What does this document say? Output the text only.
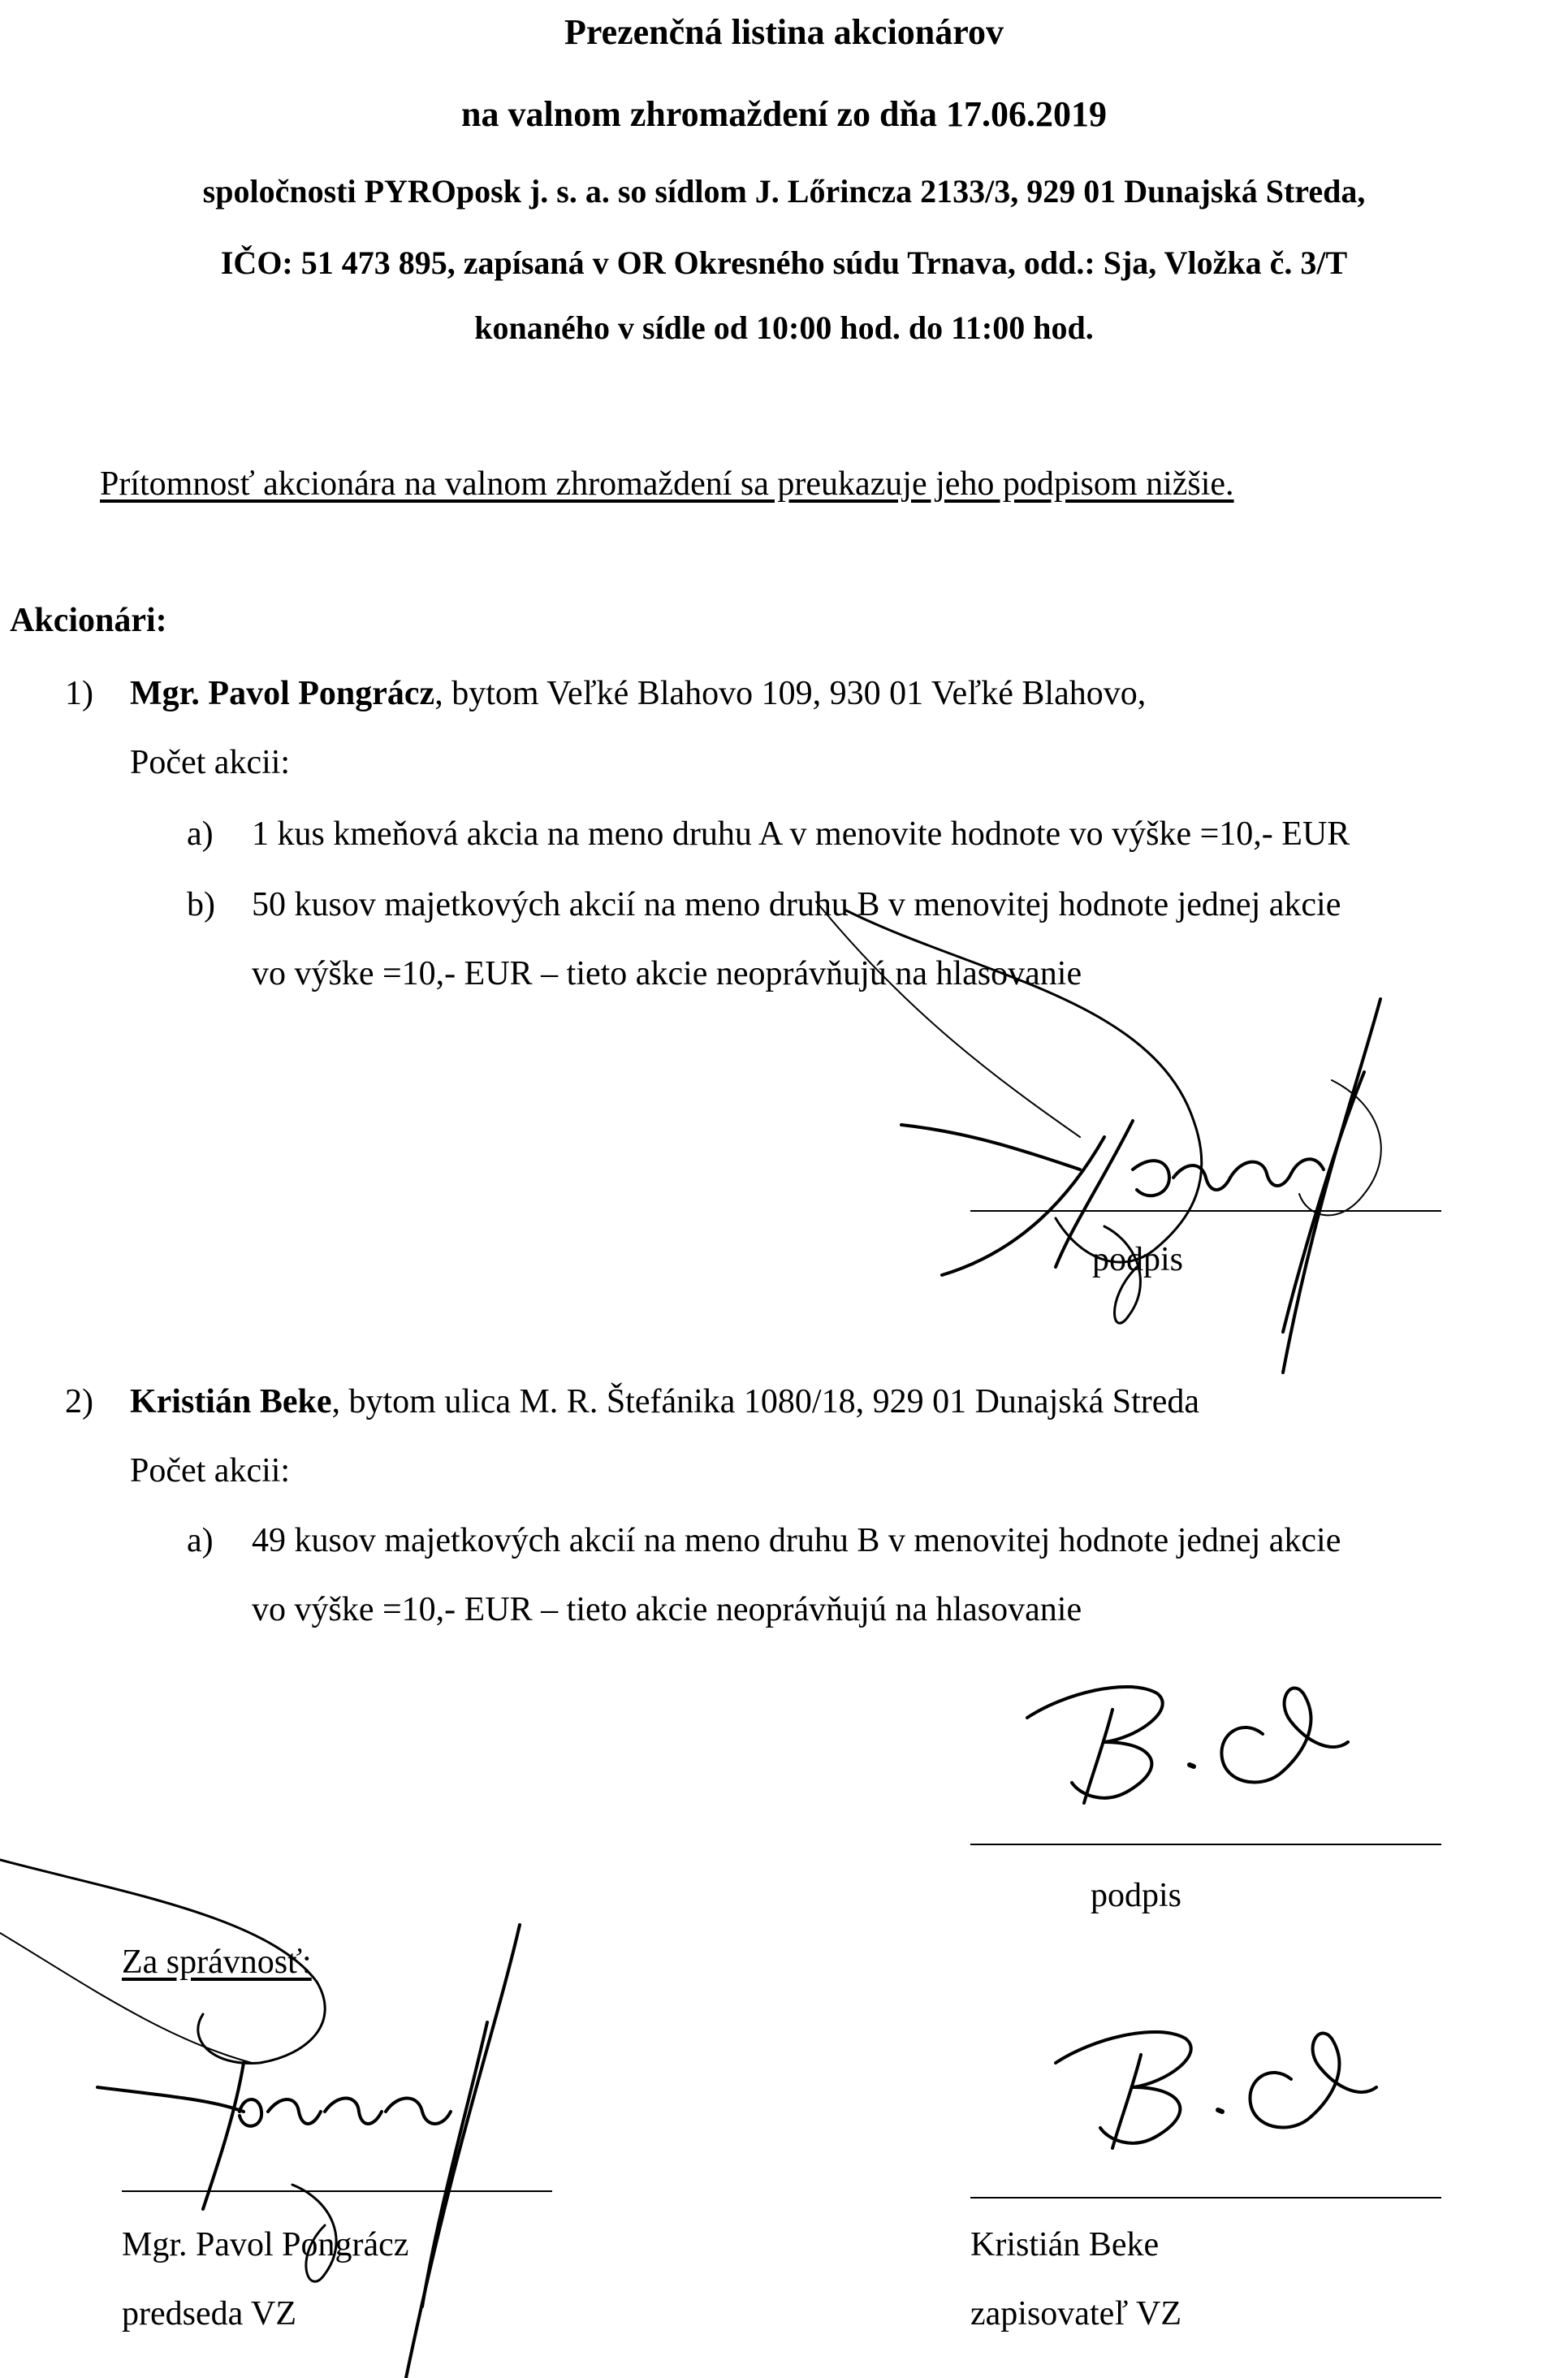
Prezenčná listina akcionárov
na valnom zhromaždení zo dňa 17.06.2019
spoločnosti PYROposk j. s. a. so sídlom J. Lőrincza 2133/3, 929 01 Dunajská Streda,
IČO: 51 473 895, zapísaná v OR Okresného súdu Trnava, odd.: Sja, Vložka č. 3/T
konaného v sídle od 10:00 hod. do 11:00 hod.
Prítomnosť akcionára na valnom zhromaždení sa preukazuje jeho podpisom nižšie.
Akcionári:
1) Mgr. Pavol Pongrácz, bytom Veľké Blahovo 109, 930 01 Veľké Blahovo,
Počet akcii:
a) 1 kus kmeňová akcia na meno druhu A v menovite hodnote vo výške =10,- EUR
b) 50 kusov majetkových akcií na meno druhu B v menovitej hodnote jednej akcie
vo výške =10,- EUR – tieto akcie neoprávňujú na hlasovanie
podpis
2) Kristián Beke, bytom ulica M. R. Štefánika 1080/18, 929 01 Dunajská Streda
Počet akcii:
a) 49 kusov majetkových akcií na meno druhu B v menovitej hodnote jednej akcie
vo výške =10,- EUR – tieto akcie neoprávňujú na hlasovanie
podpis
Za správnosť:
Mgr. Pavol Pongrácz
predseda VZ
Kristián Beke
zapisovateľ VZ
